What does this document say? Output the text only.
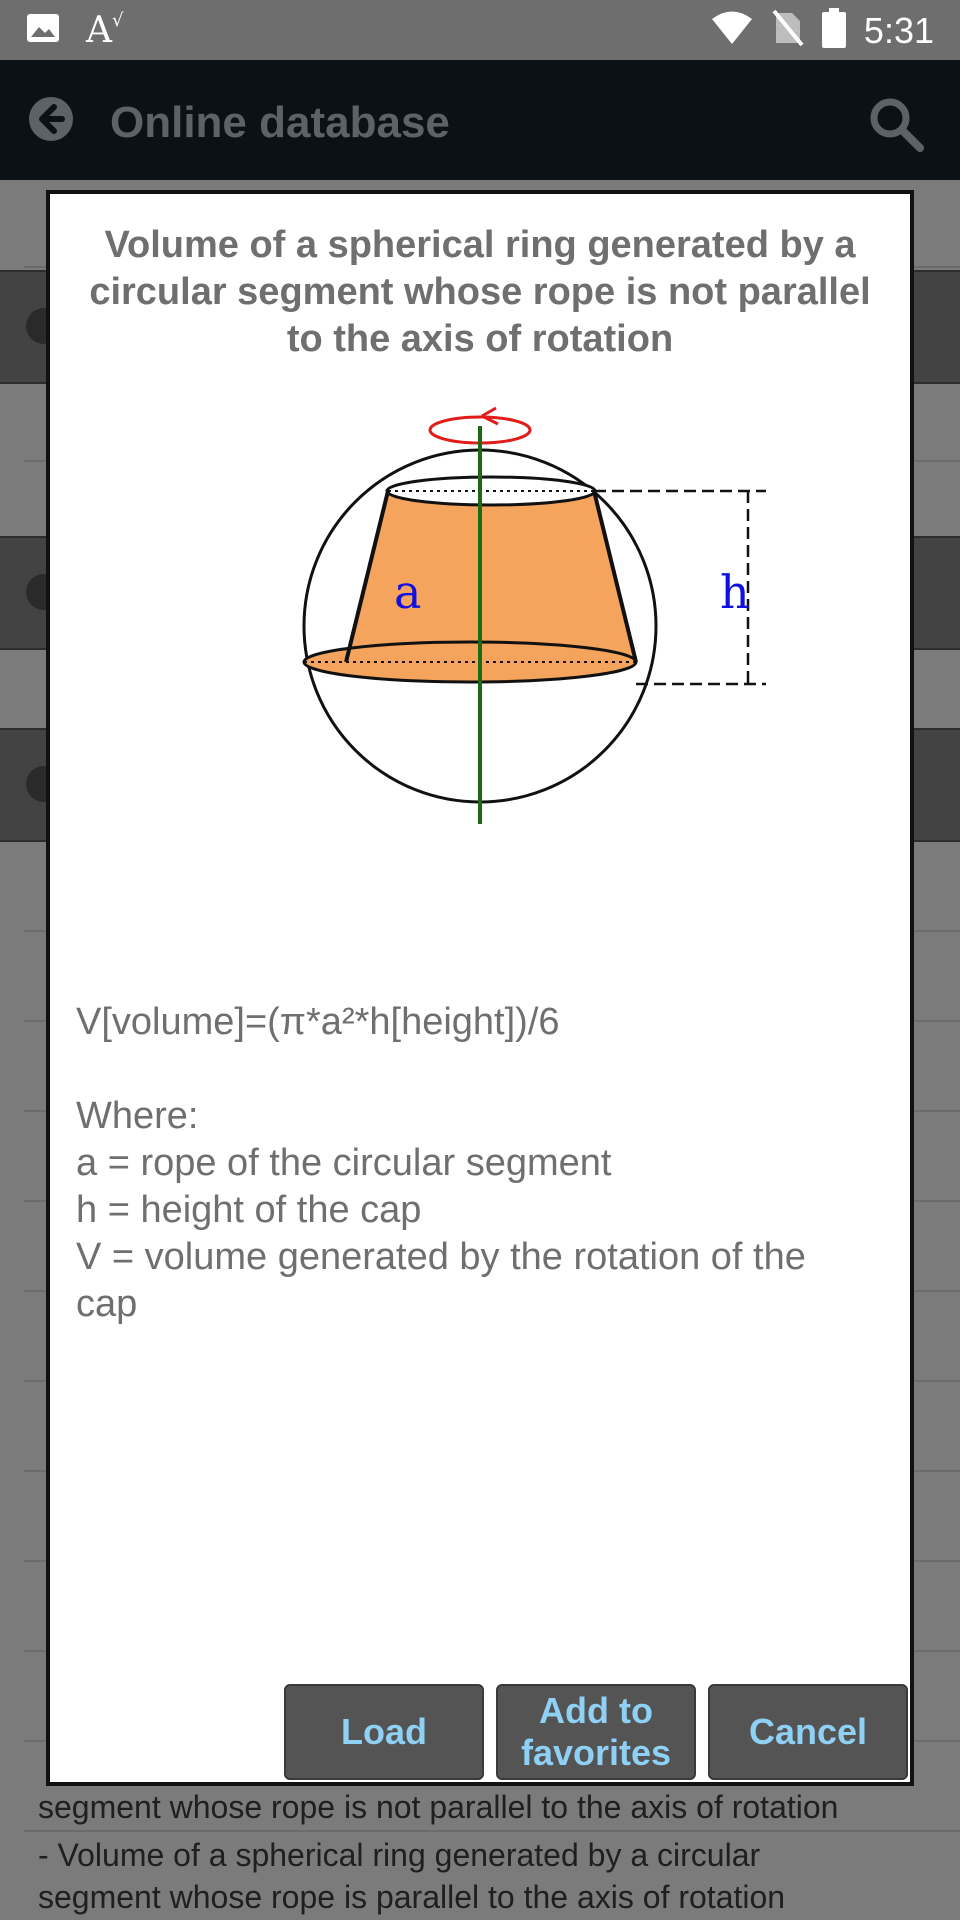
A√	5:31
Online database
segment whose rope is not parallel to the axis of rotation
- Volume of a spherical ring generated by a circular
segment whose rope is parallel to the axis of rotation
Volume of a spherical ring generated by a circular segment whose rope is not parallel to the axis of rotation
a	h
V[volume]=(π*a²*h[height])/6
Where:
a = rope of the circular segment
h = height of the cap
V = volume generated by the rotation of the cap
Load
Add to favorites
Cancel
